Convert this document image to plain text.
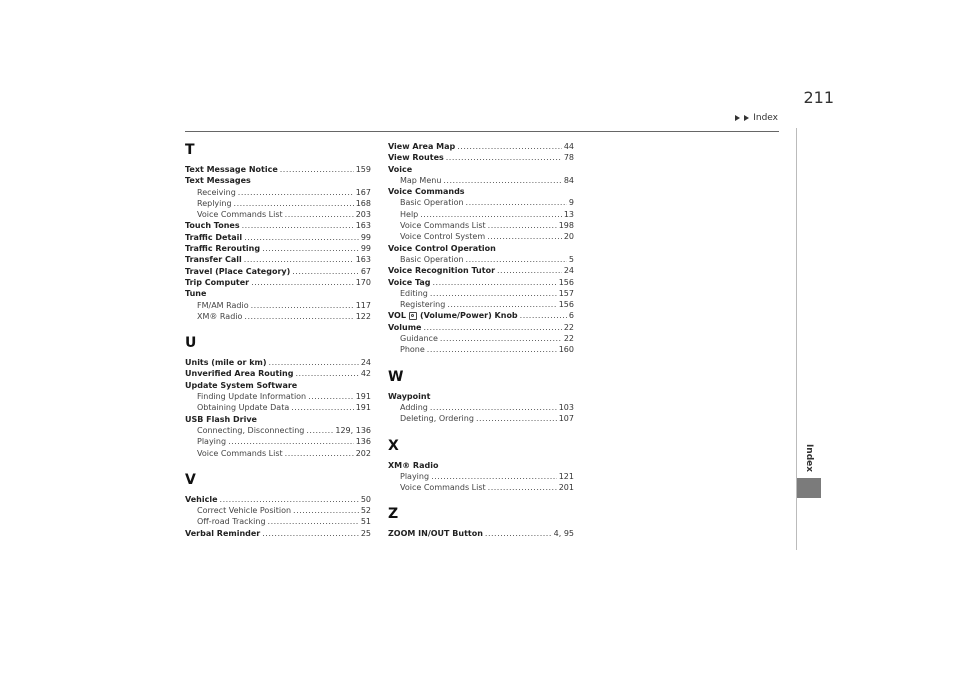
211
Index
Index
T
Text Message Notice .....	159
Text Messages
Receiving .....	167
Replying .....	168
Voice Commands List .....	203
Touch Tones .....	163
Traffic Detail .....	99
Traffic Rerouting .....	99
Transfer Call .....	163
Travel (Place Category) .....	67
Trip Computer .....	170
Tune
FM/AM Radio .....	117
XM® Radio .....	122
U
Units (mile or km) .....	24
Unverified Area Routing .....	42
Update System Software
Finding Update Information .....	191
Obtaining Update Data .....	191
USB Flash Drive
Connecting, Disconnecting .....	129, 136
Playing .....	136
Voice Commands List .....	202
V
Vehicle .....	50
Correct Vehicle Position .....	52
Off-road Tracking .....	51
Verbal Reminder .....	25
View Area Map .....	44
View Routes .....	78
Voice
Map Menu .....	84
Voice Commands
Basic Operation .....	9
Help .....	13
Voice Commands List .....	198
Voice Control System .....	20
Voice Control Operation
Basic Operation .....	5
Voice Recognition Tutor .....	24
Voice Tag .....	156
Editing .....	157
Registering .....	156
VOL (Volume/Power) Knob .....	6
Volume .....	22
Guidance .....	22
Phone .....	160
W
Waypoint
Adding .....	103
Deleting, Ordering .....	107
X
XM® Radio
Playing .....	121
Voice Commands List .....	201
Z
ZOOM IN/OUT Button .....	4, 95
